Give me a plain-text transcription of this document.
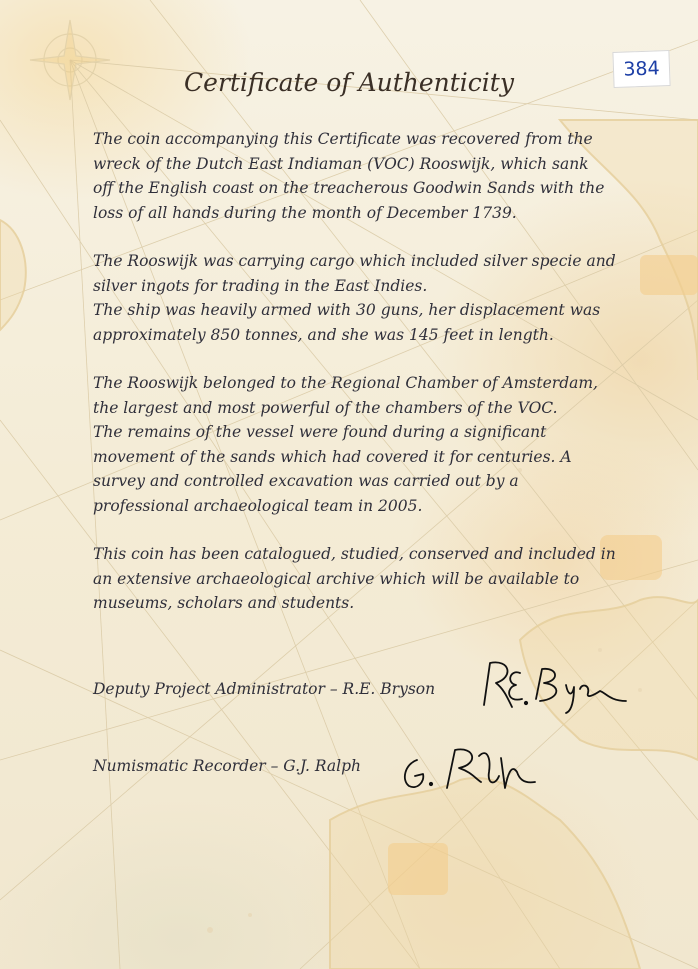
384
Certificate of Authenticity
The coin accompanying this Certificate was recovered from the
wreck of the Dutch East Indiaman (VOC) Rooswijk, which sank
off the English coast on the treacherous Goodwin Sands with the
loss of all hands during the month of December 1739.
The Rooswijk was carrying cargo which included silver specie and
silver ingots for trading in the East Indies.
The ship was heavily armed with 30 guns, her displacement was
approximately 850 tonnes, and she was 145 feet in length.
The Rooswijk belonged to the Regional Chamber of Amsterdam,
the largest and most powerful of the chambers of the VOC.
The remains of the vessel were found during a significant
movement of the sands which had covered it for centuries. A
survey and controlled excavation was carried out by a
professional archaeological team in 2005.
This coin has been catalogued, studied, conserved and included in
an extensive archaeological archive which will be available to
museums, scholars and students.
Deputy Project Administrator – R.E. Bryson
Numismatic Recorder – G.J. Ralph
